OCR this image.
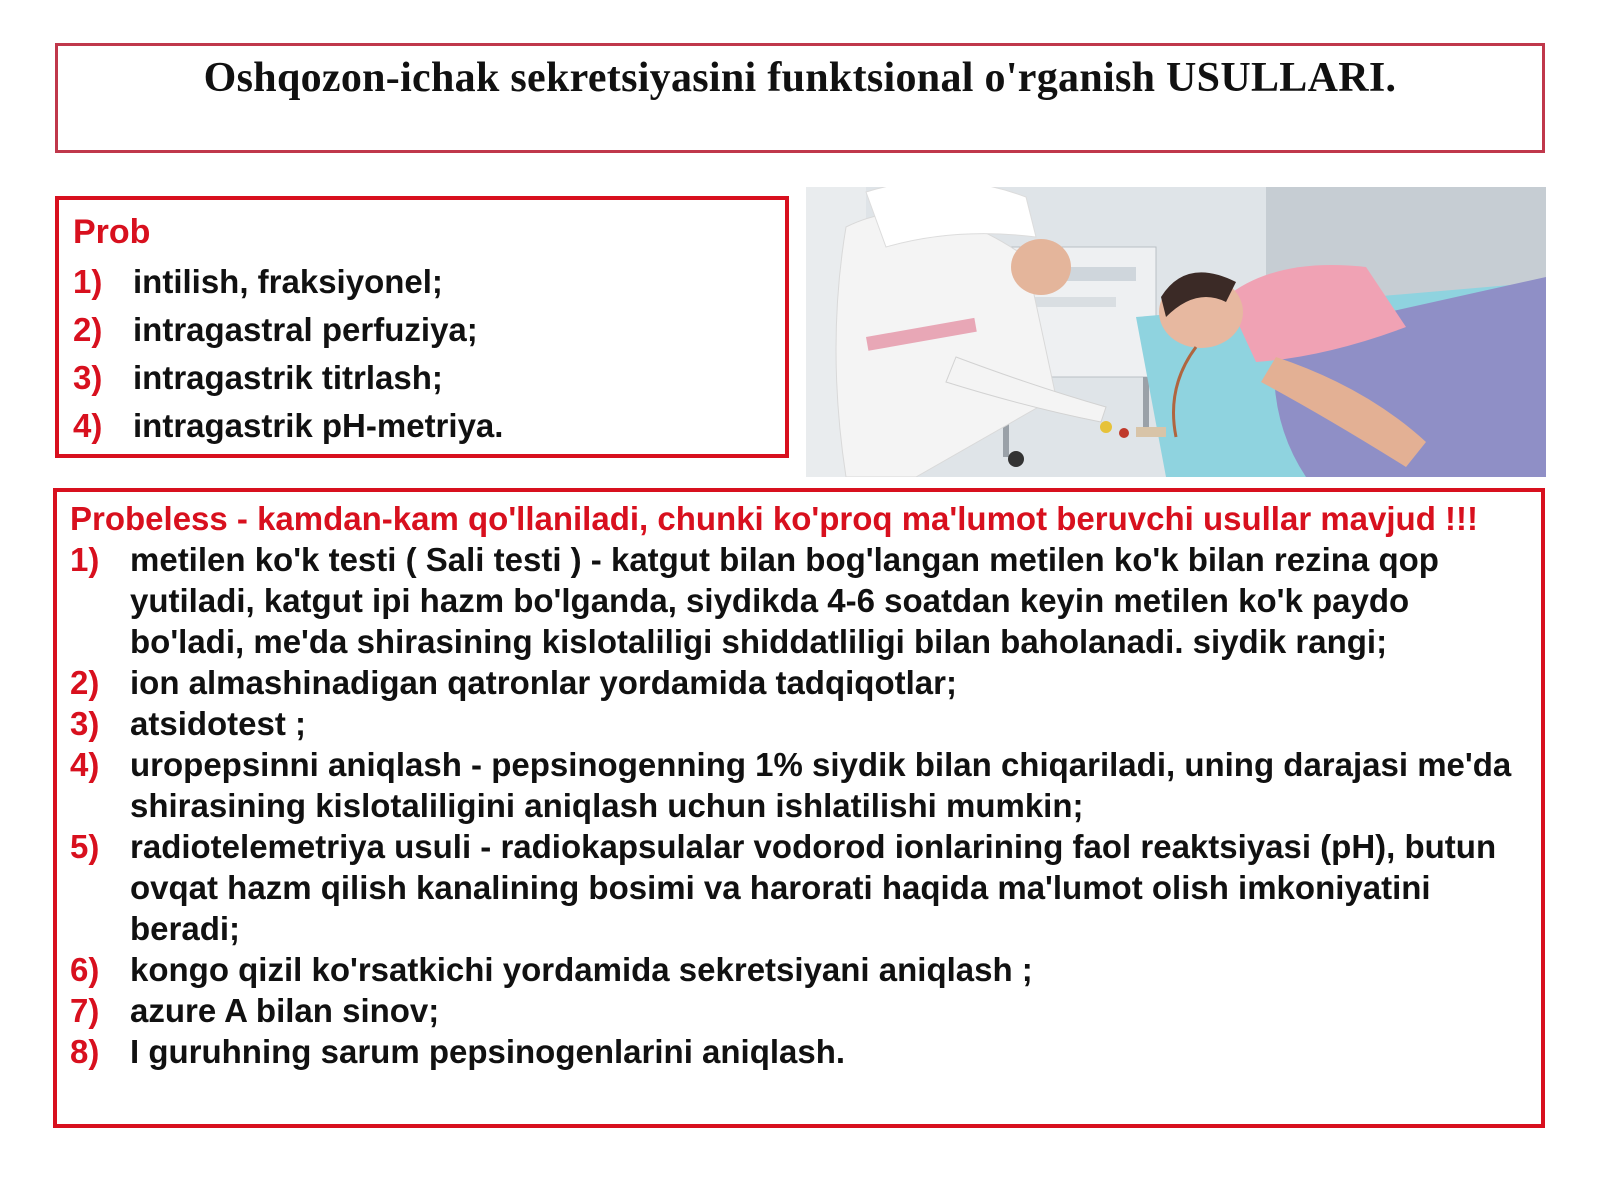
Oshqozon-ichak sekretsiyasini funktsional o'rganish USULLARI.
Prob
1) intilish, fraksiyonel;
2) intragastral perfuziya;
3) intragastrik titrlash;
4) intragastrik pH-metriya.
Probeless - kamdan-kam qo'llaniladi, chunki ko'proq ma'lumot beruvchi usullar mavjud !!!
1) metilen ko'k testi ( Sali testi ) - katgut bilan bog'langan metilen ko'k bilan rezina qop yutiladi, katgut ipi hazm bo'lganda, siydikda 4-6 soatdan keyin metilen ko'k paydo bo'ladi, me'da shirasining kislotaliligi shiddatliligi bilan baholanadi. siydik rangi;
2) ion almashinadigan qatronlar yordamida tadqiqotlar;
3) atsidotest ;
4) uropepsinni aniqlash - pepsinogenning 1% siydik bilan chiqariladi, uning darajasi me'da shirasining kislotaliligini aniqlash uchun ishlatilishi mumkin;
5) radiotelemetriya usuli - radiokapsulalar vodorod ionlarining faol reaktsiyasi (pH), butun ovqat hazm qilish kanalining bosimi va harorati haqida ma'lumot olish imkoniyatini beradi;
6) kongo qizil ko'rsatkichi yordamida sekretsiyani aniqlash ;
7) azure A bilan sinov;
8) I guruhning sarum pepsinogenlarini aniqlash.
